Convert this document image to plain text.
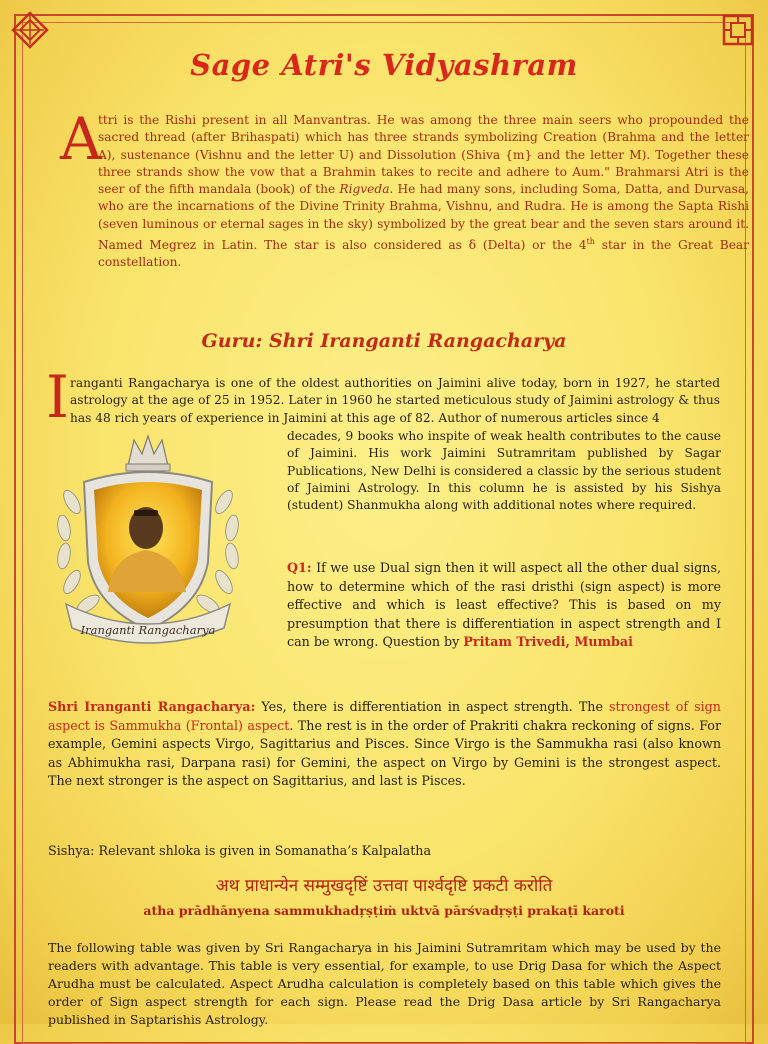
Sage Atri's Vidyashram
A

ttri is the Rishi present in all Manvantras. He was among the three main seers who propounded the sacred thread (after Brihaspati) which has three strands symbolizing Creation (Brahma and the letter A), sustenance (Vishnu and the letter U) and Dissolution (Shiva {m} and the letter M). Together these three strands show the vow that a Brahmin takes to recite and adhere to Aum." Brahmarsi Atri is the seer of the fifth mandala (book) of the Rigveda. He had many sons, including Soma, Datta, and Durvasa, who are the incarnations of the Divine Trinity Brahma, Vishnu, and Rudra. He is among the Sapta Rishi (seven luminous or eternal sages in the sky) symbolized by the great bear and the seven stars around it. Named Megrez in Latin. The star is also considered as δ (Delta) or the 4th star in the Great Bear constellation.

Guru: Shri Iranganti Rangacharya
I ranganti Rangacharya is one of the oldest authorities on Jaimini alive today, born in 1927, he started astrology at the age of 25 in 1952. Later in 1960 he started meticulous study of Jaimini astrology & thus has 48 rich years of experience in Jaimini at this age of 82. Author of numerous articles since 4

decades, 9 books who inspite of weak health contributes to the cause of Jaimini. His work Jaimini Sutramritam published by Sagar Publications, New Delhi is considered a classic by the serious student of Jaimini Astrology. In this column he is assisted by his Sishya (student) Shanmukha along with additional notes where required.

Iranganti Rangacharya

Q1: If we use Dual sign then it will aspect all the other dual signs, how to determine which of the rasi dristhi (sign aspect) is more effective and which is least effective? This is based on my presumption that there is differentiation in aspect strength and I can be wrong. Question by Pritam Trivedi, Mumbai

Shri Iranganti Rangacharya: Yes, there is differentiation in aspect strength. The strongest of sign aspect is Sammukha (Frontal) aspect. The rest is in the order of Prakriti chakra reckoning of signs. For example, Gemini aspects Virgo, Sagittarius and Pisces. Since Virgo is the Sammukha rasi (also known as Abhimukha rasi, Darpana rasi) for Gemini, the aspect on Virgo by Gemini is the strongest aspect. The next stronger is the aspect on Sagittarius, and last is Pisces.

Sishya: Relevant shloka is given in Somanatha’s Kalpalatha

अथ प्राधान्येन सम्मुखदृष्टिं उत्तवा पार्श्वदृष्टि प्रकटी करोति
atha prādhānyena sammukhadṛṣṭiṁ uktvā pārśvadṛṣṭi prakaṭī karoti

The following table was given by Sri Rangacharya in his Jaimini Sutramritam which may be used by the readers with advantage. This table is very essential, for example, to use Drig Dasa for which the Aspect Arudha must be calculated. Aspect Arudha calculation is completely based on this table which gives the order of Sign aspect strength for each sign. Please read the Drig Dasa article by Sri Rangacharya published in Saptarishis Astrology.
